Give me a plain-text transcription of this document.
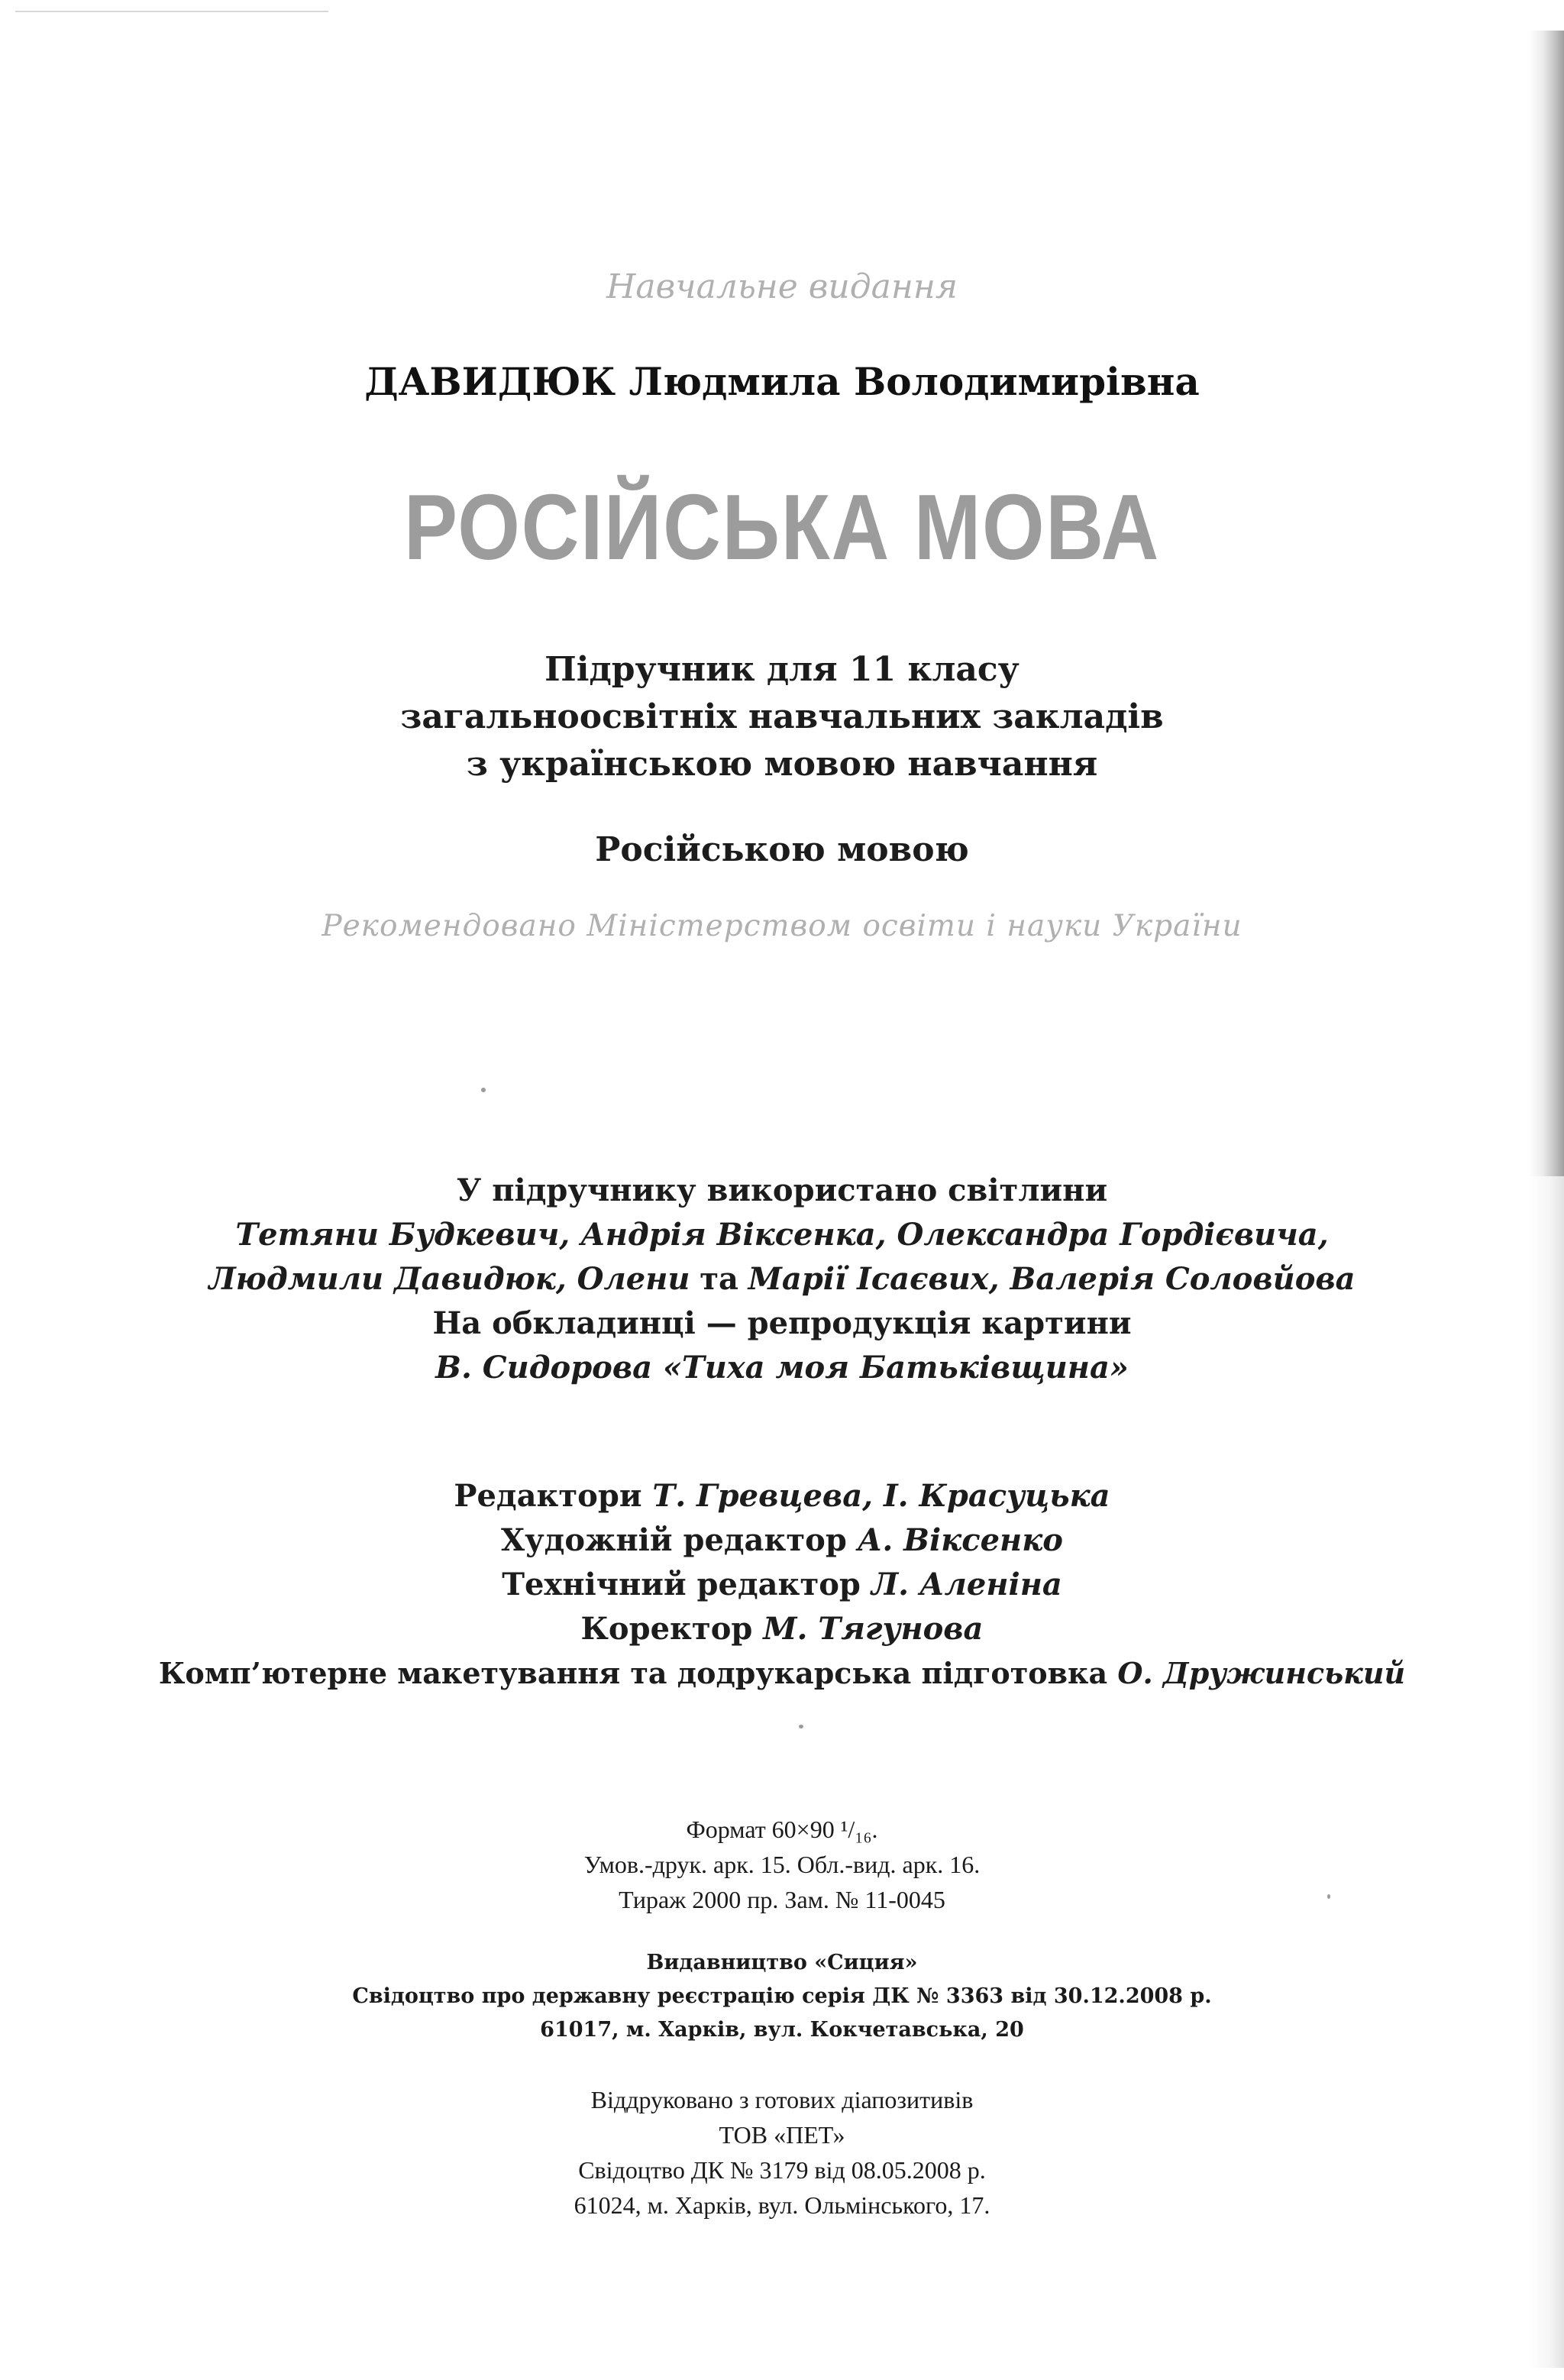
Навчальне видання
ДАВИДЮК Людмила Володимирівна
РОСІЙСЬКА МОВА
Підручник для 11 класу
загальноосвітніх навчальних закладів
з українською мовою навчання
Російською мовою
Рекомендовано Міністерством освіти і науки України
У підручнику використано світлини
Тетяни Будкевич, Андрія Віксенка, Олександра Гордієвича,
Людмили Давидюк, Олени та Марії Ісаєвих, Валерія Соловйова
На обкладинці — репродукція картини
В. Сидорова «Тиха моя Батьківщина»
Редактори Т. Гревцева, І. Красуцька
Художній редактор А. Віксенко
Технічний редактор Л. Аленіна
Коректор М. Тягунова
Комп’ютерне макетування та додрукарська підготовка О. Дружинський
Формат 60×90 ¹/₁₆.
Умов.-друк. арк. 15. Обл.-вид. арк. 16.
Тираж 2000 пр. Зам. № 11-0045
Видавництво «Сиция»
Свідоцтво про державну реєстрацію серія ДК № 3363 від 30.12.2008 р.
61017, м. Харків, вул. Кокчетавська, 20
Віддруковано з готових діапозитивів
ТОВ «ПЕТ»
Свідоцтво ДК № 3179 від 08.05.2008 р.
61024, м. Харків, вул. Ольмінського, 17.
